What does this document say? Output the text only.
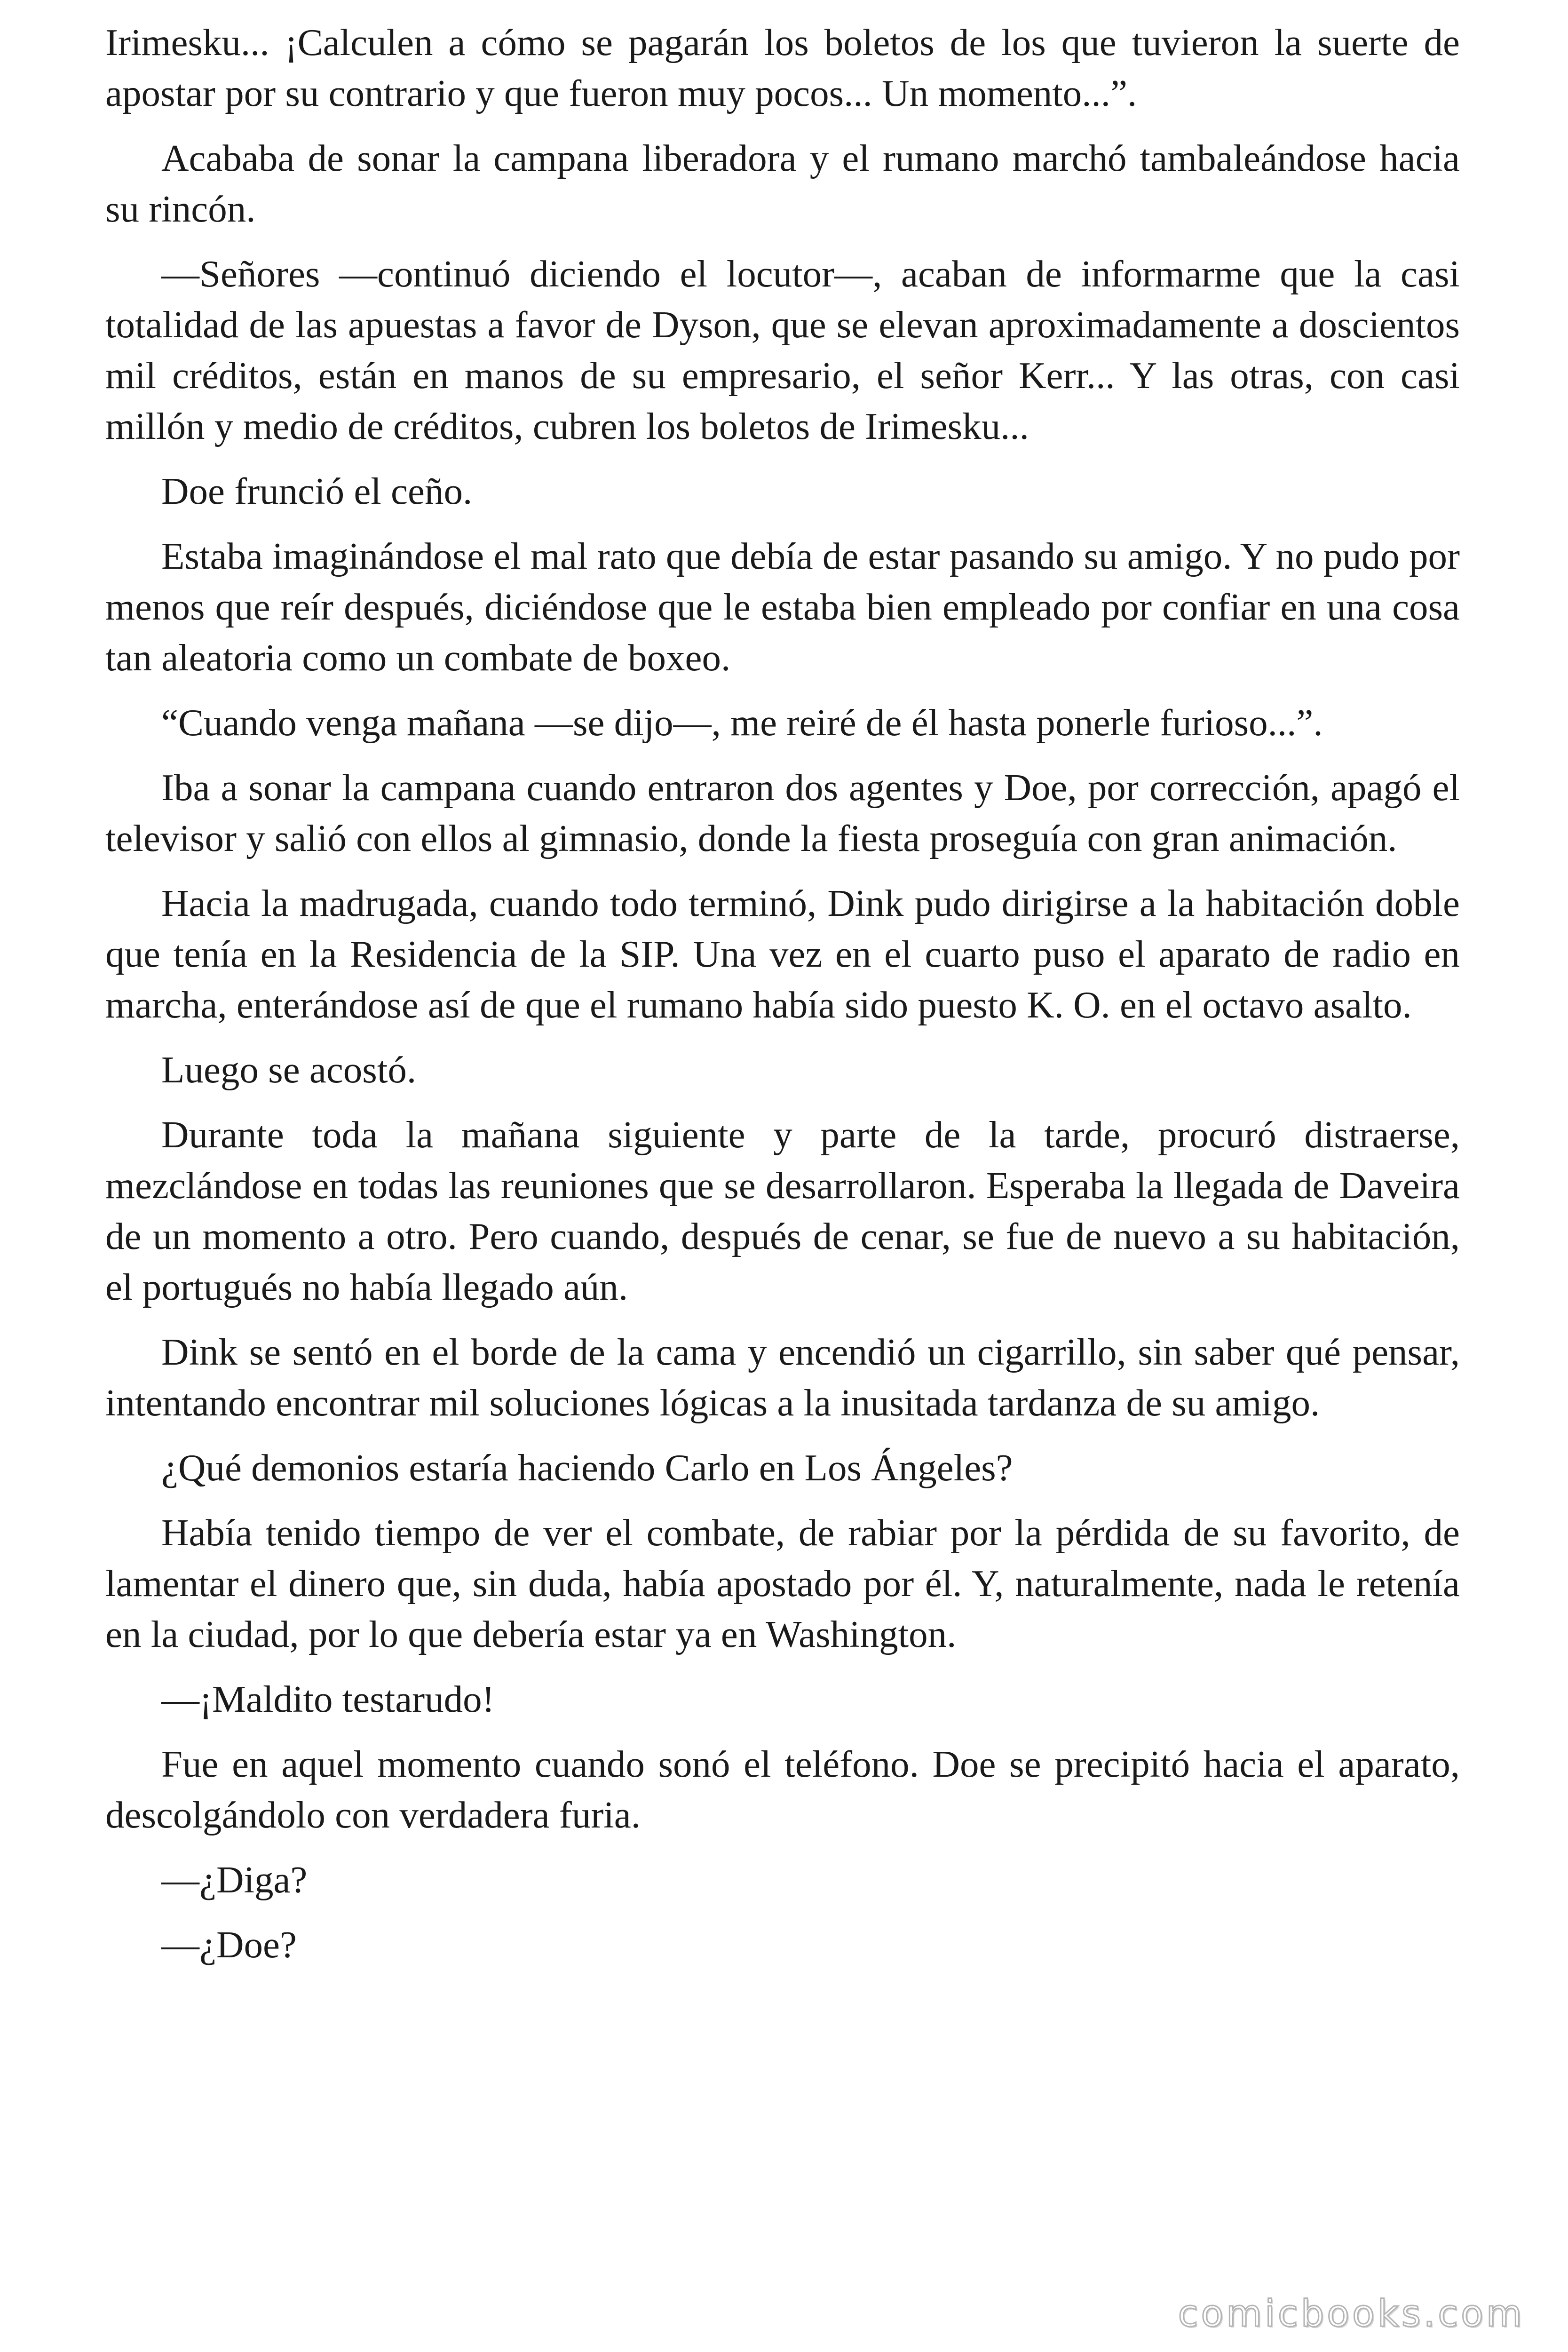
Irimesku... ¡Calculen a cómo se pagarán los boletos de los que tuvieron la suerte de apostar por su contrario y que fueron muy pocos... Un momento...”.

Acababa de sonar la campana liberadora y el rumano marchó tambaleándose hacia su rincón.

—Señores —continuó diciendo el locutor—, acaban de informarme que la casi totalidad de las apuestas a favor de Dyson, que se elevan aproximadamente a doscientos mil créditos, están en manos de su empresario, el señor Kerr... Y las otras, con casi millón y medio de créditos, cubren los boletos de Irimesku...

Doe frunció el ceño.

Estaba imaginándose el mal rato que debía de estar pasando su amigo. Y no pudo por menos que reír después, diciéndose que le estaba bien empleado por confiar en una cosa tan aleatoria como un combate de boxeo.

“Cuando venga mañana —se dijo—, me reiré de él hasta ponerle furioso...”.

Iba a sonar la campana cuando entraron dos agentes y Doe, por corrección, apagó el televisor y salió con ellos al gimnasio, donde la fiesta proseguía con gran animación.

Hacia la madrugada, cuando todo terminó, Dink pudo dirigirse a la habitación doble que tenía en la Residencia de la SIP. Una vez en el cuarto puso el aparato de radio en marcha, enterándose así de que el rumano había sido puesto K. O. en el octavo asalto.

Luego se acostó.

Durante toda la mañana siguiente y parte de la tarde, procuró distraerse, mezclándose en todas las reuniones que se desarrollaron. Esperaba la llegada de Daveira de un momento a otro. Pero cuando, después de cenar, se fue de nuevo a su habitación, el portugués no había llegado aún.

Dink se sentó en el borde de la cama y encendió un cigarrillo, sin saber qué pensar, intentando encontrar mil soluciones lógicas a la inusitada tardanza de su amigo.

¿Qué demonios estaría haciendo Carlo en Los Ángeles?

Había tenido tiempo de ver el combate, de rabiar por la pérdida de su favorito, de lamentar el dinero que, sin duda, había apostado por él. Y, naturalmente, nada le retenía en la ciudad, por lo que debería estar ya en Washington.

—¡Maldito testarudo!

Fue en aquel momento cuando sonó el teléfono. Doe se precipitó hacia el aparato, descolgándolo con verdadera furia.

—¿Diga?

—¿Doe?

comicbooks.com
